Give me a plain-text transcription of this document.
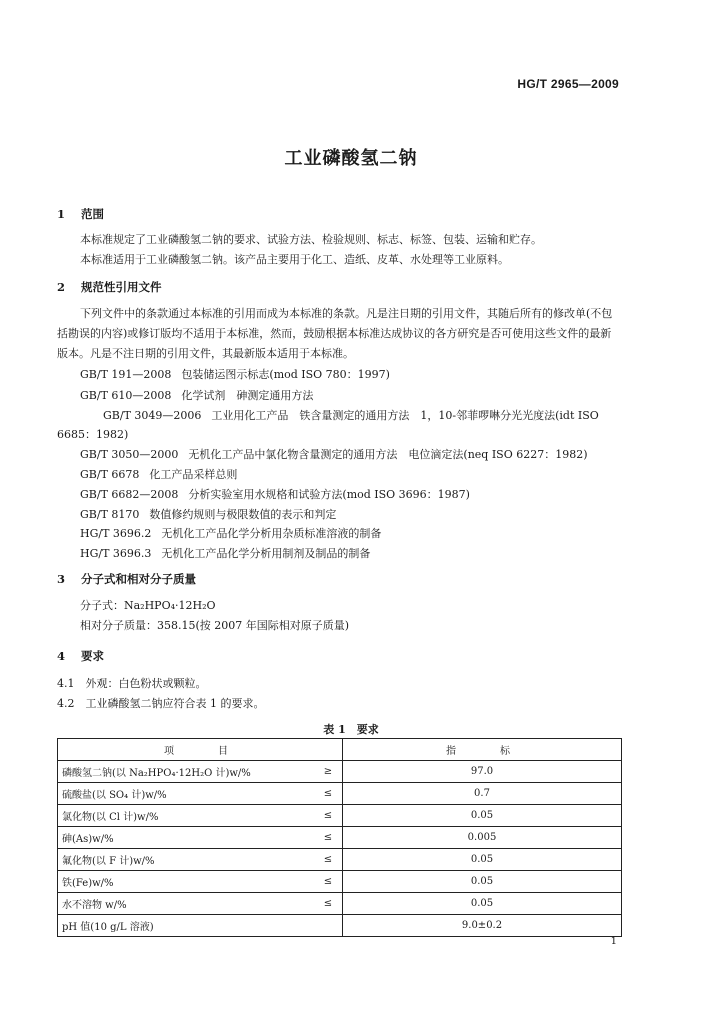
HG/T 2965—2009
工业磷酸氢二钠
1 范围
本标准规定了工业磷酸氢二钠的要求、试验方法、检验规则、标志、标签、包装、运输和贮存。
本标准适用于工业磷酸氢二钠。该产品主要用于化工、造纸、皮革、水处理等工业原料。
2 规范性引用文件
下列文件中的条款通过本标准的引用而成为本标准的条款。凡是注日期的引用文件，其随后所有的修改单(不包括勘误的内容)或修订版均不适用于本标准，然而，鼓励根据本标准达成协议的各方研究是否可使用这些文件的最新版本。凡是不注日期的引用文件，其最新版本适用于本标准。
GB/T 191—2008 包装储运图示标志(mod ISO 780：1997)
GB/T 610—2008 化学试剂　砷测定通用方法
GB/T 3049—2006 工业用化工产品　铁含量测定的通用方法　1，10-邻菲啰啉分光光度法(idt ISO 6685：1982)
GB/T 3050—2000 无机化工产品中氯化物含量测定的通用方法　电位滴定法(neq ISO 6227：1982)
GB/T 6678 化工产品采样总则
GB/T 6682—2008 分析实验室用水规格和试验方法(mod ISO 3696：1987)
GB/T 8170 数值修约规则与极限数值的表示和判定
HG/T 3696.2 无机化工产品化学分析用杂质标准溶液的制备
HG/T 3696.3 无机化工产品化学分析用制剂及制品的制备
3 分子式和相对分子质量
分子式：Na₂HPO₄·12H₂O
相对分子质量：358.15(按 2007 年国际相对原子质量)
4 要求
4.1　外观：白色粉状或颗粒。
4.2　工业磷酸氢二钠应符合表 1 的要求。
表 1　要求
项　　目		指　　标
磷酸氢二钠(以 Na₂HPO₄·12H₂O 计)w/%	≥	97.0
硫酸盐(以 SO₄ 计)w/%	≤	0.7
氯化物(以 Cl 计)w/%	≤	0.05
砷(As)w/%	≤	0.005
氟化物(以 F 计)w/%	≤	0.05
铁(Fe)w/%	≤	0.05
水不溶物 w/%	≤	0.05
pH 值(10 g/L 溶液)		9.0±0.2
1
